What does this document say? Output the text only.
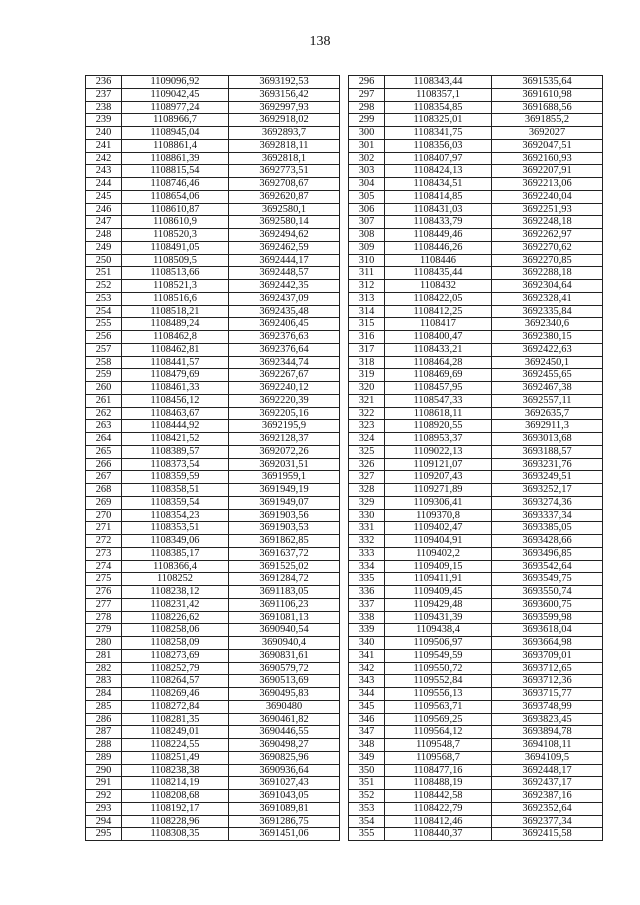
138
236	1109096,92	3693192,53
237	1109042,45	3693156,42
238	1108977,24	3692997,93
239	1108966,7	3692918,02
240	1108945,04	3692893,7
241	1108861,4	3692818,11
242	1108861,39	3692818,1
243	1108815,54	3692773,51
244	1108746,46	3692708,67
245	1108654,06	3692620,87
246	1108610,87	3692580,1
247	1108610,9	3692580,14
248	1108520,3	3692494,62
249	1108491,05	3692462,59
250	1108509,5	3692444,17
251	1108513,66	3692448,57
252	1108521,3	3692442,35
253	1108516,6	3692437,09
254	1108518,21	3692435,48
255	1108489,24	3692406,45
256	1108462,8	3692376,63
257	1108462,81	3692376,64
258	1108441,57	3692344,74
259	1108479,69	3692267,67
260	1108461,33	3692240,12
261	1108456,12	3692220,39
262	1108463,67	3692205,16
263	1108444,92	3692195,9
264	1108421,52	3692128,37
265	1108389,57	3692072,26
266	1108373,54	3692031,51
267	1108359,59	3691959,1
268	1108358,51	3691949,19
269	1108359,54	3691949,07
270	1108354,23	3691903,56
271	1108353,51	3691903,53
272	1108349,06	3691862,85
273	1108385,17	3691637,72
274	1108366,4	3691525,02
275	1108252	3691284,72
276	1108238,12	3691183,05
277	1108231,42	3691106,23
278	1108226,62	3691081,13
279	1108258,06	3690940,54
280	1108258,09	3690940,4
281	1108273,69	3690831,61
282	1108252,79	3690579,72
283	1108264,57	3690513,69
284	1108269,46	3690495,83
285	1108272,84	3690480
286	1108281,35	3690461,82
287	1108249,01	3690446,55
288	1108224,55	3690498,27
289	1108251,49	3690825,96
290	1108238,38	3690936,64
291	1108214,19	3691027,43
292	1108208,68	3691043,05
293	1108192,17	3691089,81
294	1108228,96	3691286,75
295	1108308,35	3691451,06
296	1108343,44	3691535,64
297	1108357,1	3691610,98
298	1108354,85	3691688,56
299	1108325,01	3691855,2
300	1108341,75	3692027
301	1108356,03	3692047,51
302	1108407,97	3692160,93
303	1108424,13	3692207,91
304	1108434,51	3692213,06
305	1108414,85	3692240,04
306	1108431,03	3692251,93
307	1108433,79	3692248,18
308	1108449,46	3692262,97
309	1108446,26	3692270,62
310	1108446	3692270,85
311	1108435,44	3692288,18
312	1108432	3692304,64
313	1108422,05	3692328,41
314	1108412,25	3692335,84
315	1108417	3692340,6
316	1108400,47	3692380,15
317	1108433,21	3692422,63
318	1108464,28	3692450,1
319	1108469,69	3692455,65
320	1108457,95	3692467,38
321	1108547,33	3692557,11
322	1108618,11	3692635,7
323	1108920,55	3692911,3
324	1108953,37	3693013,68
325	1109022,13	3693188,57
326	1109121,07	3693231,76
327	1109207,43	3693249,51
328	1109271,89	3693252,17
329	1109306,41	3693274,36
330	1109370,8	3693337,34
331	1109402,47	3693385,05
332	1109404,91	3693428,66
333	1109402,2	3693496,85
334	1109409,15	3693542,64
335	1109411,91	3693549,75
336	1109409,45	3693550,74
337	1109429,48	3693600,75
338	1109431,39	3693599,98
339	1109438,4	3693618,04
340	1109506,97	3693664,98
341	1109549,59	3693709,01
342	1109550,72	3693712,65
343	1109552,84	3693712,36
344	1109556,13	3693715,77
345	1109563,71	3693748,99
346	1109569,25	3693823,45
347	1109564,12	3693894,78
348	1109548,7	3694108,11
349	1109568,7	3694109,5
350	1108477,16	3692448,17
351	1108488,19	3692437,17
352	1108442,58	3692387,16
353	1108422,79	3692352,64
354	1108412,46	3692377,34
355	1108440,37	3692415,58
